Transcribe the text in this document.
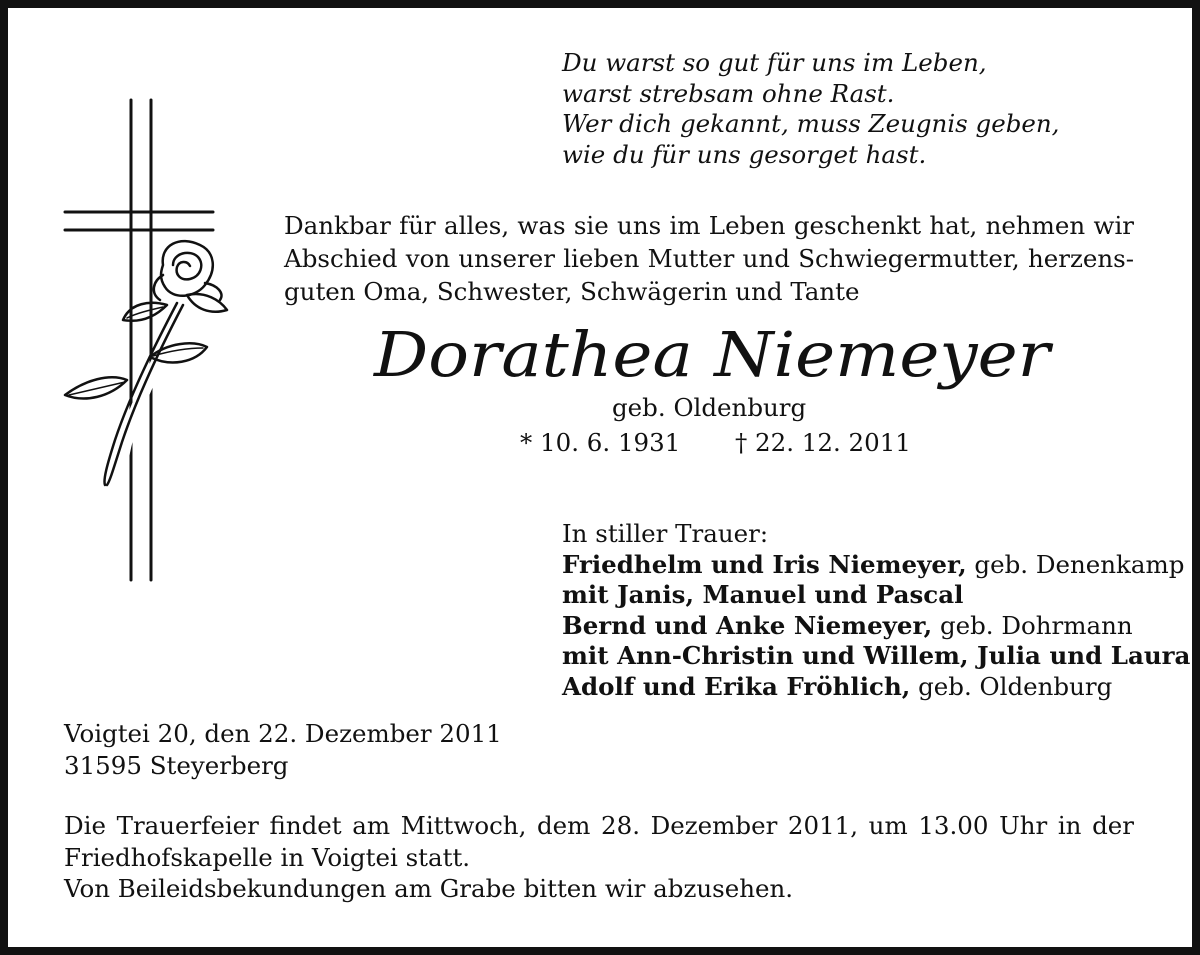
Du warst so gut für uns im Leben,
warst strebsam ohne Rast.
Wer dich gekannt, muss Zeugnis geben,
wie du für uns gesorget hast.
Dankbar für alles, was sie uns im Leben geschenkt hat, nehmen wir
Abschied von unserer lieben Mutter und Schwiegermutter, herzens-
guten Oma, Schwester, Schwägerin und Tante
Dorathea Niemeyer
geb. Oldenburg
* 10. 6. 1931 † 22. 12. 2011
In stiller Trauer:
Friedhelm und Iris Niemeyer, geb. Denenkamp
mit Janis, Manuel und Pascal
Bernd und Anke Niemeyer, geb. Dohrmann
mit Ann-Christin und Willem, Julia und Laura
Adolf und Erika Fröhlich, geb. Oldenburg
Voigtei 20, den 22. Dezember 2011
31595 Steyerberg
Die Trauerfeier findet am Mittwoch, dem 28. Dezember 2011, um 13.00 Uhr in der
Friedhofskapelle in Voigtei statt.
Von Beileidsbekundungen am Grabe bitten wir abzusehen.
